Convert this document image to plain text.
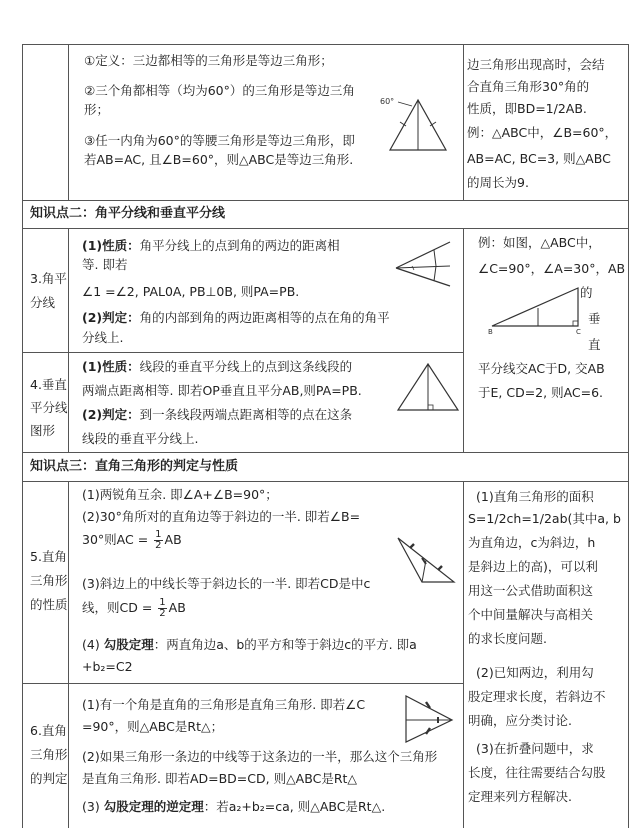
①定义：三边都相等的三角形是等边三角形；
②三个角都相等（均为60°）的三角形是等边三角
形；
③任一内角为60°的等腰三角形是等边三角形，即
若AB=AC, 且∠B=60°，则△ABC是等边三角形.
60°
边三角形出现高时，会结
合直角三角形30°角的
性质，即BD=1/2AB.
例：△ABC中，∠B=60°，
AB=AC, BC=3, 则△ABC
的周长为9.
知识点二：角平分线和垂直平分线
3.角平
分线
(1)性质：角平分线上的点到角的两边的距离相
等. 即若
∠1 =∠2, PAL0A, PB⊥0B, 则PA=PB.
(2)判定：角的内部到角的两边距离相等的点在角的角平
分线上.
4.垂直
平分线
图形
(1)性质：线段的垂直平分线上的点到这条线段的
两端点距离相等. 即若OP垂直且平分AB,则PA=PB.
(2)判定：到一条线段两端点距离相等的点在这条
线段的垂直平分线上.
例：如图，△ABC中，
∠C=90°，∠A=30°，AB
的
垂
直
平分线交AC于D, 交AB
于E, CD=2, 则AC=6.
B	C
知识点三：直角三角形的判定与性质
5.直角
三角形
的性质
(1)两锐角互余. 即∠A+∠B=90°；
(2)30°角所对的直角边等于斜边的一半. 即若∠B=
30°则AC = $\frac{1}{2}$ AB
(3)斜边上的中线长等于斜边长的一半. 即若CD是中c
线，则CD = $\frac{1}{2}$ AB
(4) 勾股定理：两直角边a、b的平方和等于斜边c的平方. 即a
+b₂=C2
6.直角
三角形
的判定
(1)有一个角是直角的三角形是直角三角形. 即若∠C
=90°，则△ABC是Rt△；
(2)如果三角形一条边的中线等于这条边的一半，那么这个三角形
是直角三角形. 即若AD=BD=CD, 则△ABC是Rt△
(3) 勾股定理的逆定理：若a₂+b₂=ca, 则△ABC是Rt△.
(1)直角三角形的面积
S=1/2ch=1/2ab(其中a, b
为直角边，c为斜边，h
是斜边上的高)，可以利
用这一公式借助面积这
个中间量解决与高相关
的求长度问题.
(2)已知两边，利用勾
股定理求长度，若斜边不
明确，应分类讨论.
(3)在折叠问题中，求
长度，往往需要结合勾股
定理来列方程解决.
